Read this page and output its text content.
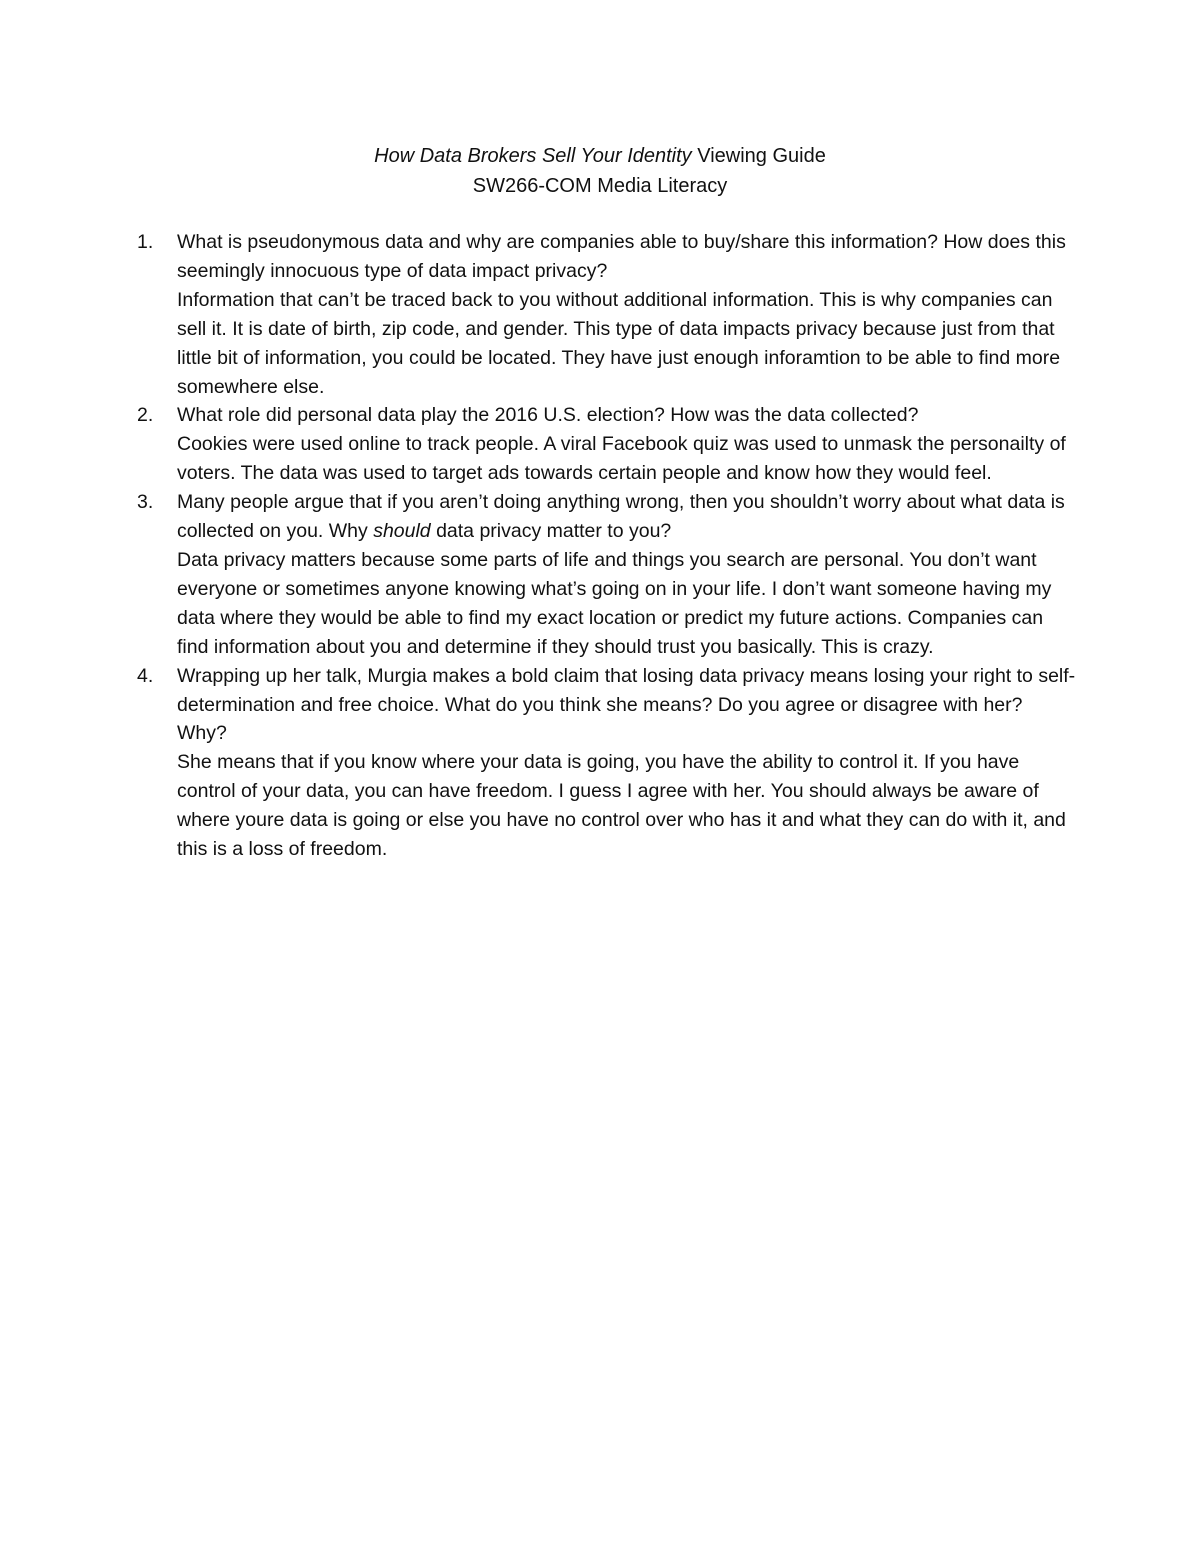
How Data Brokers Sell Your Identity Viewing Guide
SW266-COM Media Literacy
1. What is pseudonymous data and why are companies able to buy/share this information? How does this seemingly innocuous type of data impact privacy?
Information that can’t be traced back to you without additional information. This is why companies can sell it. It is date of birth, zip code, and gender. This type of data impacts privacy because just from that little bit of information, you could be located. They have just enough inforamtion to be able to find more somewhere else.
2. What role did personal data play the 2016 U.S. election? How was the data collected?
Cookies were used online to track people. A viral Facebook quiz was used to unmask the personailty of voters. The data was used to target ads towards certain people and know how they would feel.
3. Many people argue that if you aren’t doing anything wrong, then you shouldn’t worry about what data is collected on you. Why should data privacy matter to you?
Data privacy matters because some parts of life and things you search are personal. You don’t want everyone or sometimes anyone knowing what’s going on in your life. I don’t want someone having my data where they would be able to find my exact location or predict my future actions. Companies can find information about you and determine if they should trust you basically. This is crazy.
4. Wrapping up her talk, Murgia makes a bold claim that losing data privacy means losing your right to self-determination and free choice. What do you think she means? Do you agree or disagree with her? Why?
She means that if you know where your data is going, you have the ability to control it. If you have control of your data, you can have freedom. I guess I agree with her. You should always be aware of where youre data is going or else you have no control over who has it and what they can do with it, and this is a loss of freedom.
